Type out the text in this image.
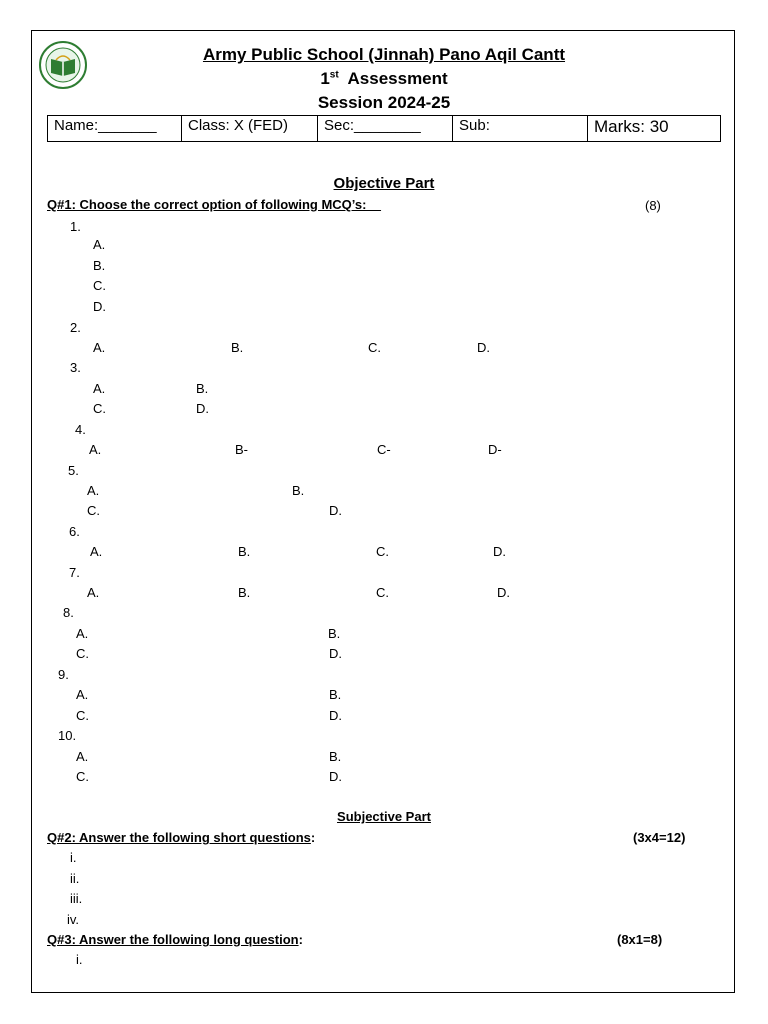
Army Public School (Jinnah) Pano Aqil Cantt
1st Assessment
Session 2024-25
Name:_______	Class: X (FED)	Sec:________	Sub:	Marks: 30
Objective Part
Q#1: Choose the correct option of following MCQ’s:__	(8)
1.
A.
B.
C.
D.
2.
A.	B.	C.	D.
3.
A.	B.
C.	D.
4.
A.	B-	C-	D-
5.
A.	B.
C.	D.
6.
A.	B.	C.	D.
7.
A.	B.	C.	D.
8.
A.	B.
C.	D.
9.
A.	B.
C.	D.
10.
A.	B.
C.	D.
Subjective Part
Q#2: Answer the following short questions:	(3x4=12)
i.
ii.
iii.
iv.
Q#3: Answer the following long question:	(8x1=8)
i.
